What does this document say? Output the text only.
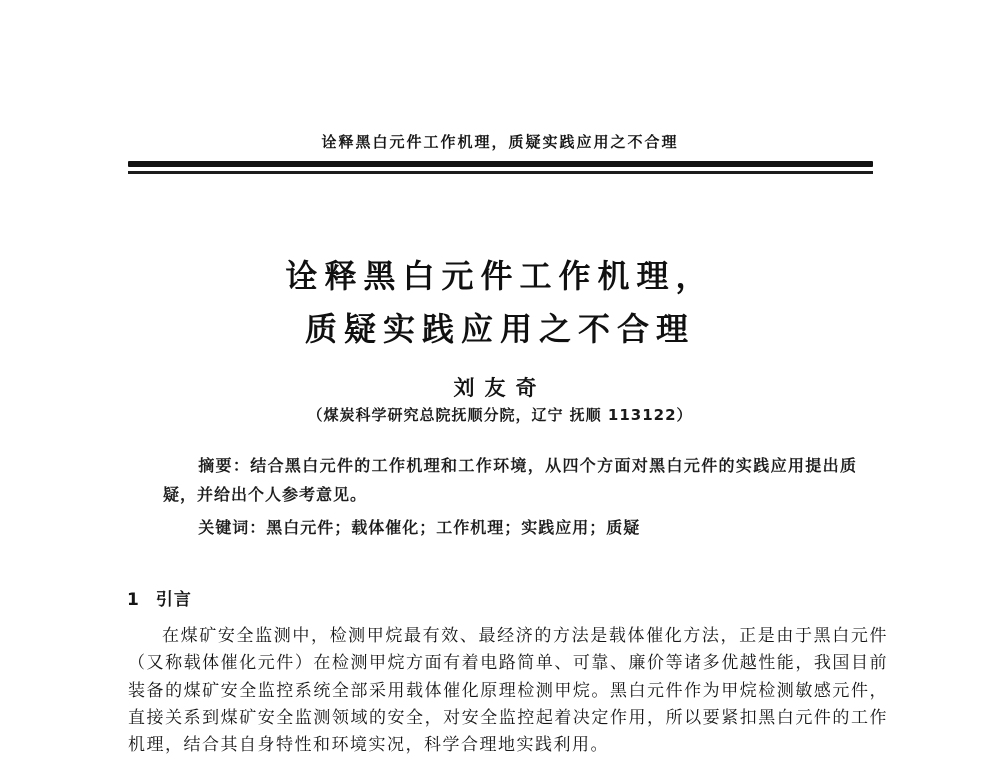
诠释黑白元件工作机理，质疑实践应用之不合理
诠释黑白元件工作机理，
质疑实践应用之不合理
刘友奇
（煤炭科学研究总院抚顺分院，辽宁 抚顺 113122）

摘要：结合黑白元件的工作机理和工作环境，从四个方面对黑白元件的实践应用提出质疑，并给出个人参考意见。

关键词：黑白元件；载体催化；工作机理；实践应用；质疑

1 引言

在煤矿安全监测中，检测甲烷最有效、最经济的方法是载体催化方法，正是由于黑白元件（又称载体催化元件）在检测甲烷方面有着电路简单、可靠、廉价等诸多优越性能，我国目前装备的煤矿安全监控系统全部采用载体催化原理检测甲烷。黑白元件作为甲烷检测敏感元件，直接关系到煤矿安全监测领域的安全，对安全监控起着决定作用，所以要紧扣黑白元件的工作机理，结合其自身特性和环境实况，科学合理地实践利用。
